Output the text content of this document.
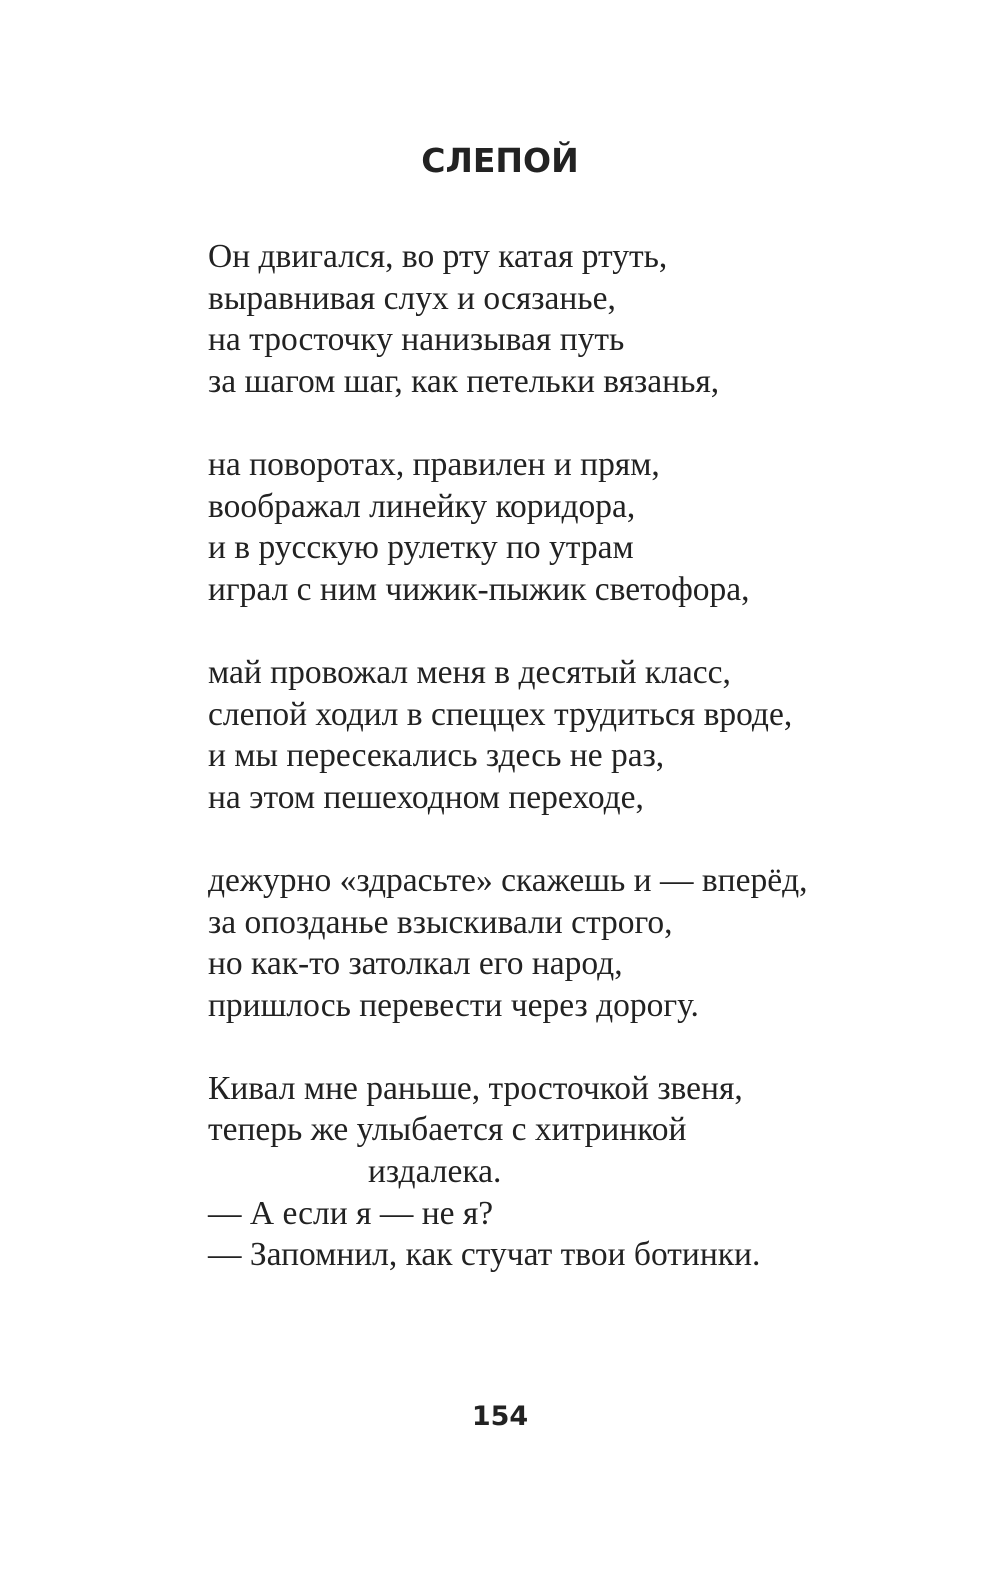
СЛЕПОЙ
Он двигался, во рту катая ртуть,
выравнивая слух и осязанье,
на тросточку нанизывая путь
за шагом шаг, как петельки вязанья,
на поворотах, правилен и прям,
воображал линейку коридора,
и в русскую рулетку по утрам
играл с ним чижик-пыжик светофора,
май провожал меня в десятый класс,
слепой ходил в спеццех трудиться вроде,
и мы пересекались здесь не раз,
на этом пешеходном переходе,
дежурно «здрасьте» скажешь и — вперёд,
за опозданье взыскивали строго,
но как-то затолкал его народ,
пришлось перевести через дорогу.
Кивал мне раньше, тросточкой звеня,
теперь же улыбается с хитринкой
издалека.
— А если я — не я?
— Запомнил, как стучат твои ботинки.
154
